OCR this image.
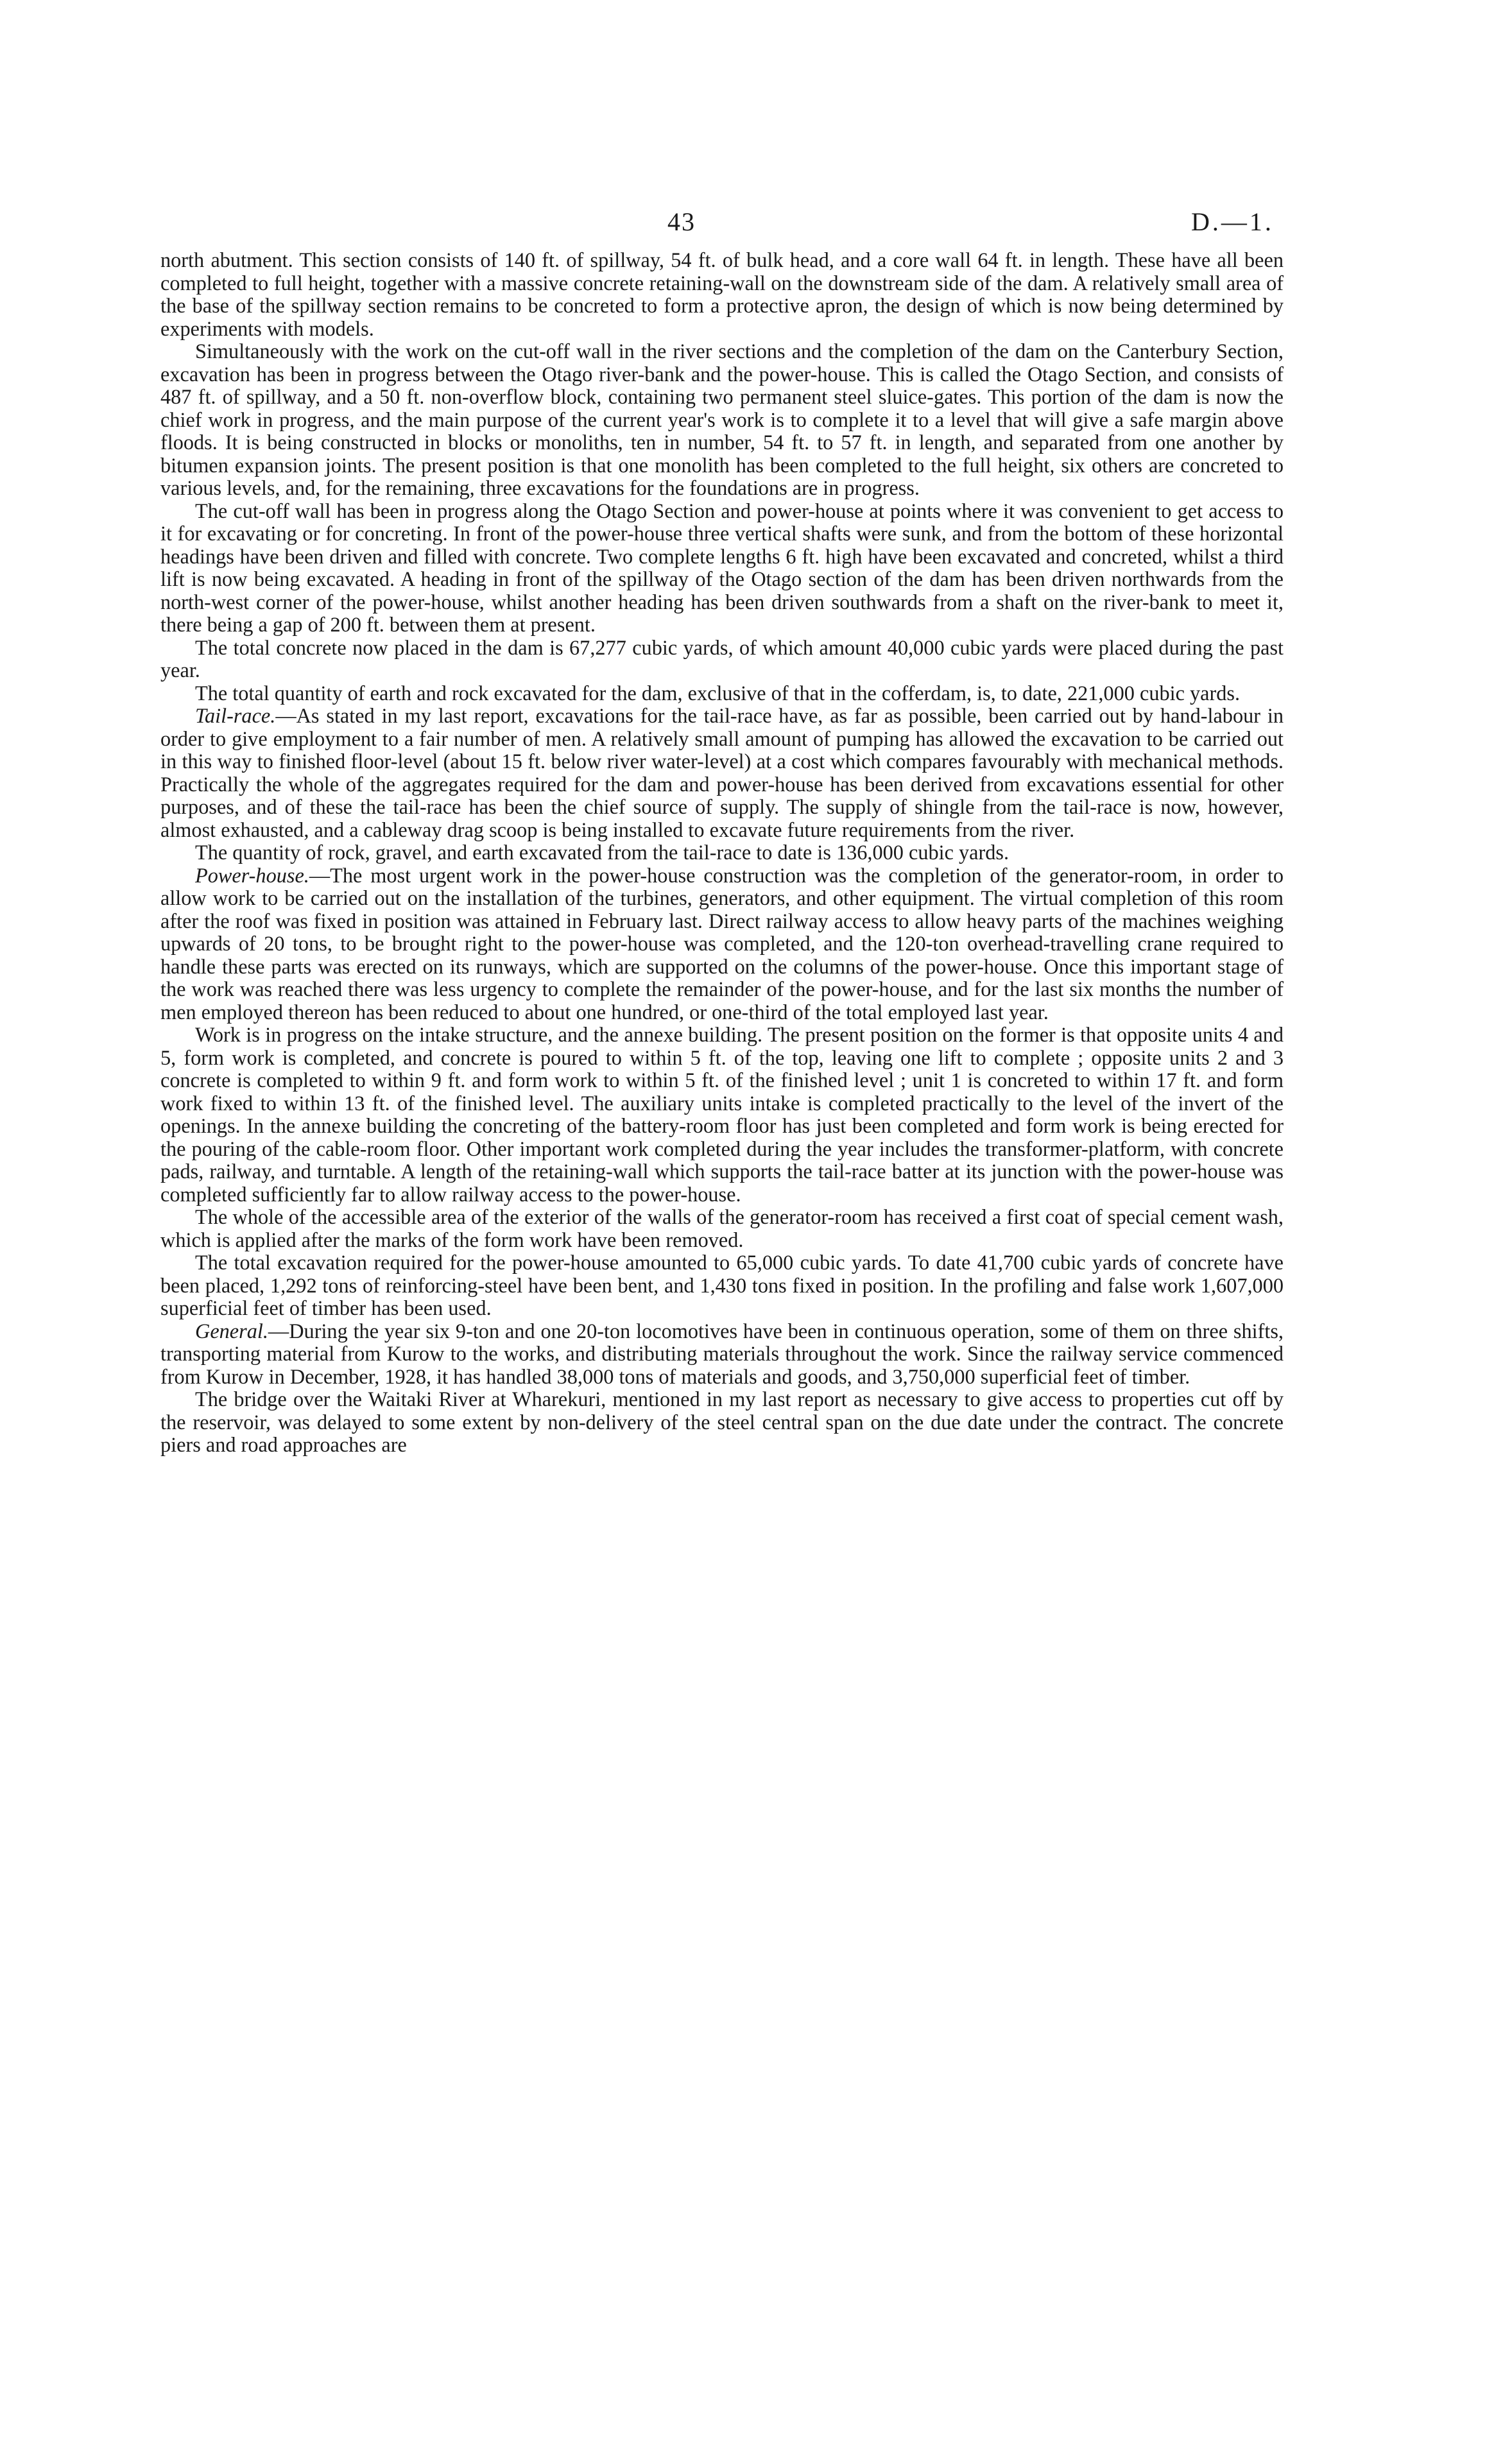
43	D.—1.

north abutment. This section consists of 140 ft. of spillway, 54 ft. of bulk head, and a core wall 64 ft. in length. These have all been completed to full height, together with a massive concrete retaining-wall on the downstream side of the dam. A relatively small area of the base of the spillway section remains to be concreted to form a protective apron, the design of which is now being determined by experiments with models.

Simultaneously with the work on the cut-off wall in the river sections and the completion of the dam on the Canterbury Section, excavation has been in progress between the Otago river-bank and the power-house. This is called the Otago Section, and consists of 487 ft. of spillway, and a 50 ft. non-overflow block, containing two permanent steel sluice-gates. This portion of the dam is now the chief work in progress, and the main purpose of the current year's work is to complete it to a level that will give a safe margin above floods. It is being constructed in blocks or monoliths, ten in number, 54 ft. to 57 ft. in length, and separated from one another by bitumen expansion joints. The present position is that one monolith has been completed to the full height, six others are concreted to various levels, and, for the remaining, three excavations for the foundations are in progress.

The cut-off wall has been in progress along the Otago Section and power-house at points where it was convenient to get access to it for excavating or for concreting. In front of the power-house three vertical shafts were sunk, and from the bottom of these horizontal headings have been driven and filled with concrete. Two complete lengths 6 ft. high have been excavated and concreted, whilst a third lift is now being excavated. A heading in front of the spillway of the Otago section of the dam has been driven northwards from the north-west corner of the power-house, whilst another heading has been driven southwards from a shaft on the river-bank to meet it, there being a gap of 200 ft. between them at present.

The total concrete now placed in the dam is 67,277 cubic yards, of which amount 40,000 cubic yards were placed during the past year.

The total quantity of earth and rock excavated for the dam, exclusive of that in the cofferdam, is, to date, 221,000 cubic yards.

Tail-race.—As stated in my last report, excavations for the tail-race have, as far as possible, been carried out by hand-labour in order to give employment to a fair number of men. A relatively small amount of pumping has allowed the excavation to be carried out in this way to finished floor-level (about 15 ft. below river water-level) at a cost which compares favourably with mechanical methods. Practically the whole of the aggregates required for the dam and power-house has been derived from excavations essential for other purposes, and of these the tail-race has been the chief source of supply. The supply of shingle from the tail-race is now, however, almost exhausted, and a cableway drag scoop is being installed to excavate future requirements from the river.

The quantity of rock, gravel, and earth excavated from the tail-race to date is 136,000 cubic yards.

Power-house.—The most urgent work in the power-house construction was the completion of the generator-room, in order to allow work to be carried out on the installation of the turbines, generators, and other equipment. The virtual completion of this room after the roof was fixed in position was attained in February last. Direct railway access to allow heavy parts of the machines weighing upwards of 20 tons, to be brought right to the power-house was completed, and the 120-ton overhead-travelling crane required to handle these parts was erected on its runways, which are supported on the columns of the power-house. Once this important stage of the work was reached there was less urgency to complete the remainder of the power-house, and for the last six months the number of men employed thereon has been reduced to about one hundred, or one-third of the total employed last year.

Work is in progress on the intake structure, and the annexe building. The present position on the former is that opposite units 4 and 5, form work is completed, and concrete is poured to within 5 ft. of the top, leaving one lift to complete ; opposite units 2 and 3 concrete is completed to within 9 ft. and form work to within 5 ft. of the finished level ; unit 1 is concreted to within 17 ft. and form work fixed to within 13 ft. of the finished level. The auxiliary units intake is completed practically to the level of the invert of the openings. In the annexe building the concreting of the battery-room floor has just been completed and form work is being erected for the pouring of the cable-room floor. Other important work completed during the year includes the transformer-platform, with concrete pads, railway, and turntable. A length of the retaining-wall which supports the tail-race batter at its junction with the power-house was completed sufficiently far to allow railway access to the power-house.

The whole of the accessible area of the exterior of the walls of the generator-room has received a first coat of special cement wash, which is applied after the marks of the form work have been removed.

The total excavation required for the power-house amounted to 65,000 cubic yards. To date 41,700 cubic yards of concrete have been placed, 1,292 tons of reinforcing-steel have been bent, and 1,430 tons fixed in position. In the profiling and false work 1,607,000 superficial feet of timber has been used.

General.—During the year six 9-ton and one 20-ton locomotives have been in continuous operation, some of them on three shifts, transporting material from Kurow to the works, and distributing materials throughout the work. Since the railway service commenced from Kurow in December, 1928, it has handled 38,000 tons of materials and goods, and 3,750,000 superficial feet of timber.

The bridge over the Waitaki River at Wharekuri, mentioned in my last report as necessary to give access to properties cut off by the reservoir, was delayed to some extent by non-delivery of the steel central span on the due date under the contract. The concrete piers and road approaches are
